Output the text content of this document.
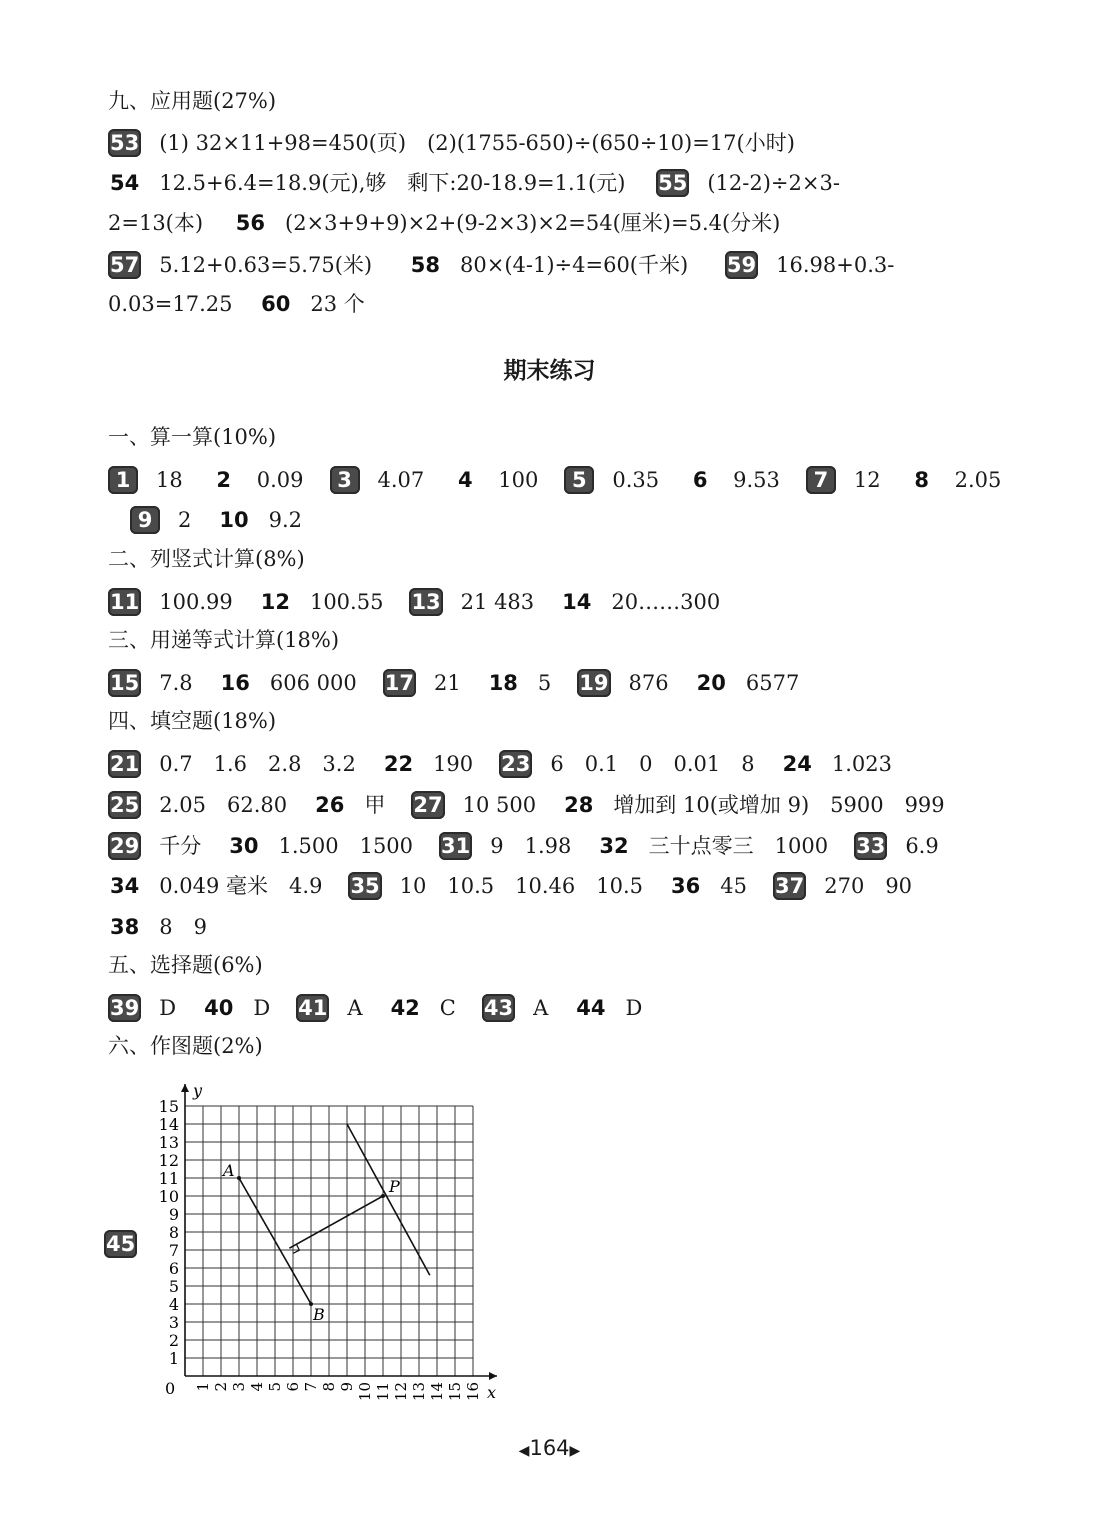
九、应用题(27%)
53 (1) 32×11+98=450(页)　(2)(1755-650)÷(650÷10)=17(小时)
54 12.5+6.4=18.9(元),够　剩下:20-18.9=1.1(元) 55 (12-2)÷2×3-
2=13(本) 56 (2×3+9+9)×2+(9-2×3)×2=54(厘米)=5.4(分米)
57 5.12+0.63=5.75(米) 58 80×(4-1)÷4=60(千米) 59 16.98+0.3-
0.03=17.25 60 23 个
期末练习
一、算一算(10%)
1 18 2 0.09 3 4.07 4 100 5 0.35 6 9.53 7 12 8 2.05
9 2 10 9.2
二、列竖式计算(8%)
11 100.99 12 100.55 13 21 483 14 20……300
三、用递等式计算(18%)
15 7.8 16 606 000 17 21 18 5 19 876 20 6577
四、填空题(18%)
21 0.7　1.6　2.8　3.2 22 190 23 6　0.1　0　0.01　8 24 1.023
25 2.05　62.80 26 甲 27 10 500 28 增加到 10(或增加 9)　5900　999
29 千分 30 1.500　1500 31 9　1.98 32 三十点零三　1000 33 6.9
34 0.049 毫米　4.9 35 10　10.5　10.46　10.5 36 45 37 270　90
38 8　9
五、选择题(6%)
39 D 40 D 41 A 42 C 43 A 44 D
六、作图题(2%)
45
x
y
0
1
2
3
4
5
6
7
8
9
10
11
12
13
14
15
1 2 3 4 5 6 7 8 9 10 11 12 13 14 15 16
A
B
P
◀164▶
